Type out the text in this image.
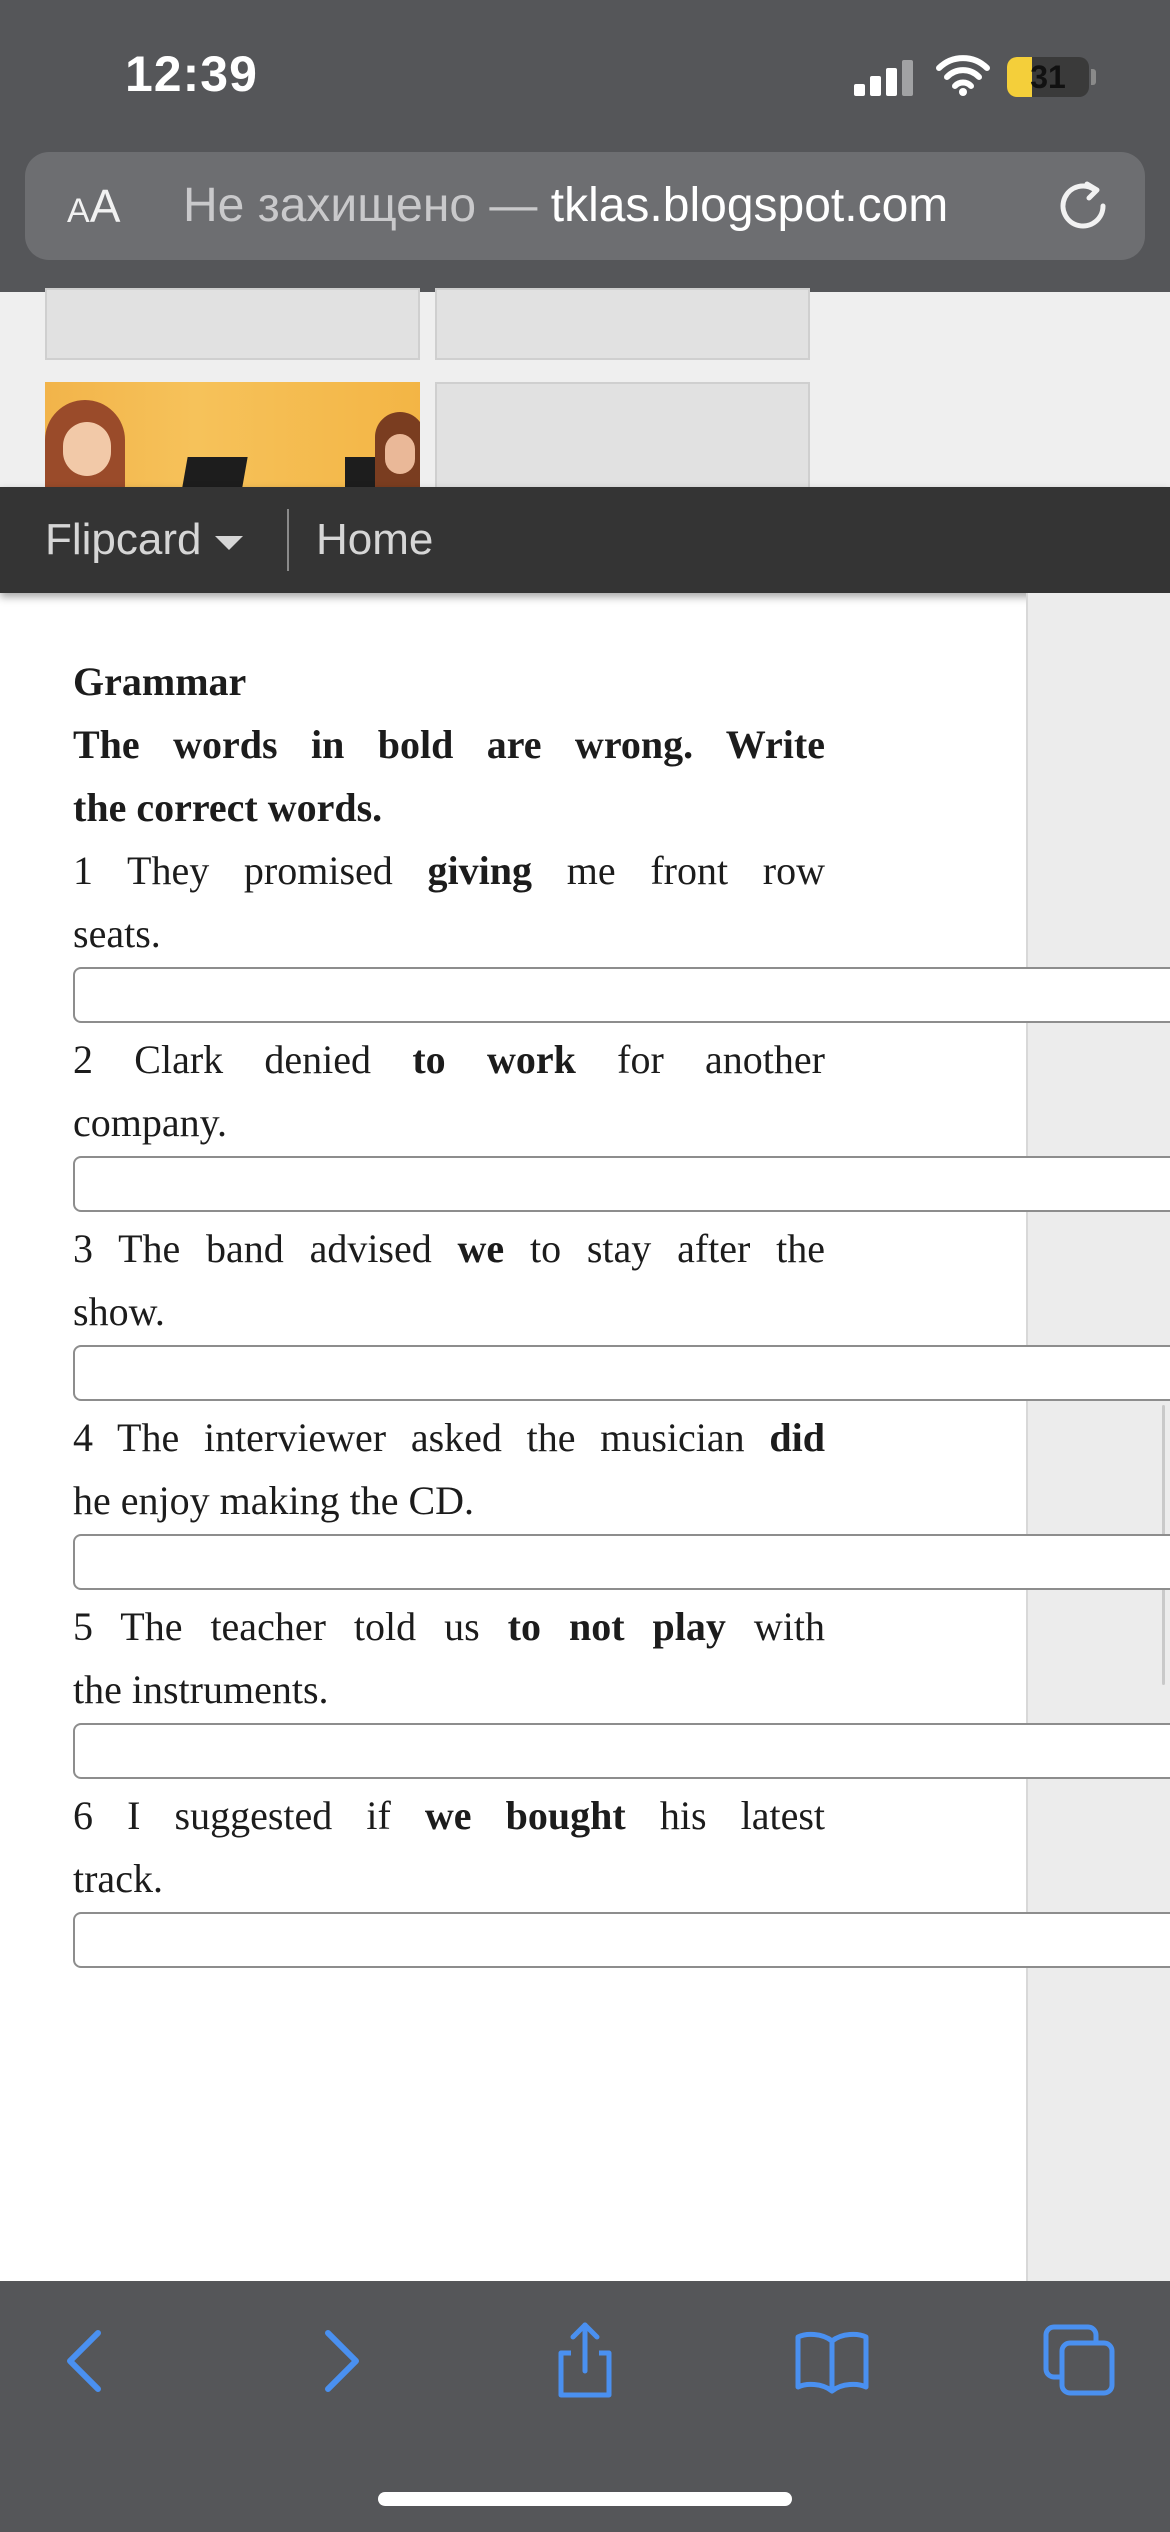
12:39	31
AA Не захищено — tklas.blogspot.com
Flipcard	Home
Grammar
The words in bold are wrong. Write
the correct words.
1 They promised giving me front row
seats.
2 Clark denied to work for another
company.
3 The band advised we to stay after the
show.
4 The interviewer asked the musician did
he enjoy making the CD.
5 The teacher told us to not play with
the instruments.
6 I suggested if we bought his latest
track.
